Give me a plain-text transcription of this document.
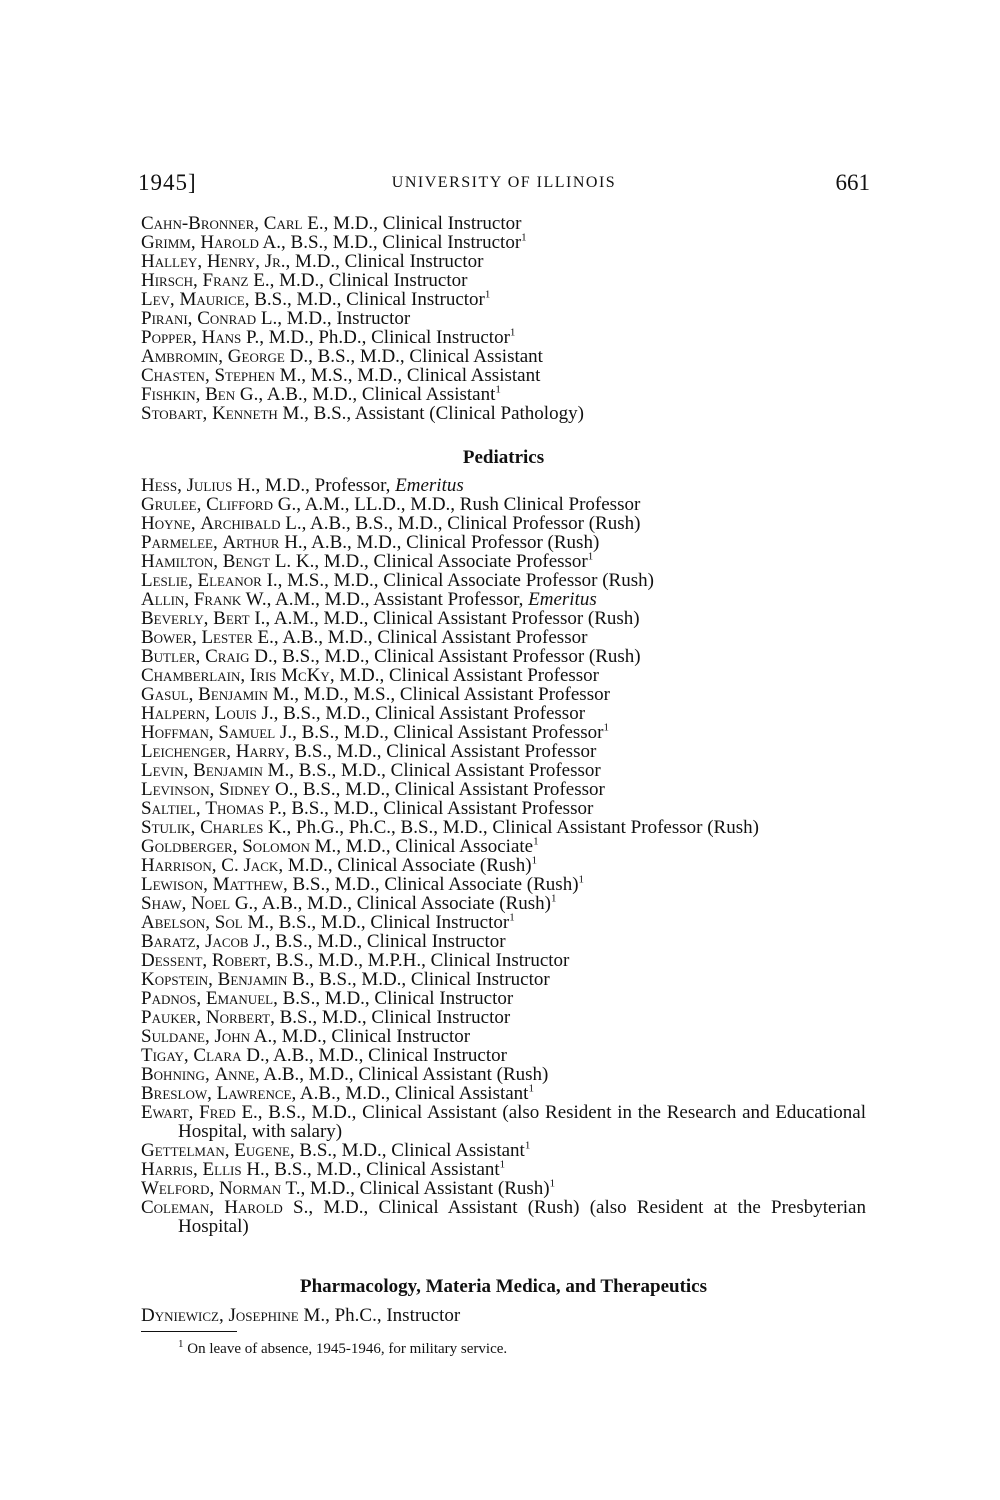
1945]	UNIVERSITY OF ILLINOIS	661
Cahn-Bronner, Carl E., M.D., Clinical Instructor
Grimm, Harold A., B.S., M.D., Clinical Instructor$^1$
Halley, Henry, Jr., M.D., Clinical Instructor
Hirsch, Franz E., M.D., Clinical Instructor
Lev, Maurice, B.S., M.D., Clinical Instructor$^1$
Pirani, Conrad L., M.D., Instructor
Popper, Hans P., M.D., Ph.D., Clinical Instructor$^1$
Ambromin, George D., B.S., M.D., Clinical Assistant
Chasten, Stephen M., M.S., M.D., Clinical Assistant
Fishkin, Ben G., A.B., M.D., Clinical Assistant$^1$
Stobart, Kenneth M., B.S., Assistant (Clinical Pathology)
Pediatrics
Hess, Julius H., M.D., Professor, Emeritus
Grulee, Clifford G., A.M., LL.D., M.D., Rush Clinical Professor
Hoyne, Archibald L., A.B., B.S., M.D., Clinical Professor (Rush)
Parmelee, Arthur H., A.B., M.D., Clinical Professor (Rush)
Hamilton, Bengt L. K., M.D., Clinical Associate Professor$^1$
Leslie, Eleanor I., M.S., M.D., Clinical Associate Professor (Rush)
Allin, Frank W., A.M., M.D., Assistant Professor, Emeritus
Beverly, Bert I., A.M., M.D., Clinical Assistant Professor (Rush)
Bower, Lester E., A.B., M.D., Clinical Assistant Professor
Butler, Craig D., B.S., M.D., Clinical Assistant Professor (Rush)
Chamberlain, Iris McKy, M.D., Clinical Assistant Professor
Gasul, Benjamin M., M.D., M.S., Clinical Assistant Professor
Halpern, Louis J., B.S., M.D., Clinical Assistant Professor
Hoffman, Samuel J., B.S., M.D., Clinical Assistant Professor$^1$
Leichenger, Harry, B.S., M.D., Clinical Assistant Professor
Levin, Benjamin M., B.S., M.D., Clinical Assistant Professor
Levinson, Sidney O., B.S., M.D., Clinical Assistant Professor
Saltiel, Thomas P., B.S., M.D., Clinical Assistant Professor
Stulik, Charles K., Ph.G., Ph.C., B.S., M.D., Clinical Assistant Professor (Rush)
Goldberger, Solomon M., M.D., Clinical Associate$^1$
Harrison, C. Jack, M.D., Clinical Associate (Rush)$^1$
Lewison, Matthew, B.S., M.D., Clinical Associate (Rush)$^1$
Shaw, Noel G., A.B., M.D., Clinical Associate (Rush)$^1$
Abelson, Sol M., B.S., M.D., Clinical Instructor$^1$
Baratz, Jacob J., B.S., M.D., Clinical Instructor
Dessent, Robert, B.S., M.D., M.P.H., Clinical Instructor
Kopstein, Benjamin B., B.S., M.D., Clinical Instructor
Padnos, Emanuel, B.S., M.D., Clinical Instructor
Pauker, Norbert, B.S., M.D., Clinical Instructor
Suldane, John A., M.D., Clinical Instructor
Tigay, Clara D., A.B., M.D., Clinical Instructor
Bohning, Anne, A.B., M.D., Clinical Assistant (Rush)
Breslow, Lawrence, A.B., M.D., Clinical Assistant$^1$
Ewart, Fred E., B.S., M.D., Clinical Assistant (also Resident in the Research and Educational Hospital, with salary)
Gettelman, Eugene, B.S., M.D., Clinical Assistant$^1$
Harris, Ellis H., B.S., M.D., Clinical Assistant$^1$
Welford, Norman T., M.D., Clinical Assistant (Rush)$^1$
Coleman, Harold S., M.D., Clinical Assistant (Rush) (also Resident at the Presbyterian Hospital)
Pharmacology, Materia Medica, and Therapeutics
Dyniewicz, Josephine M., Ph.C., Instructor
$^1$ On leave of absence, 1945-1946, for military service.
